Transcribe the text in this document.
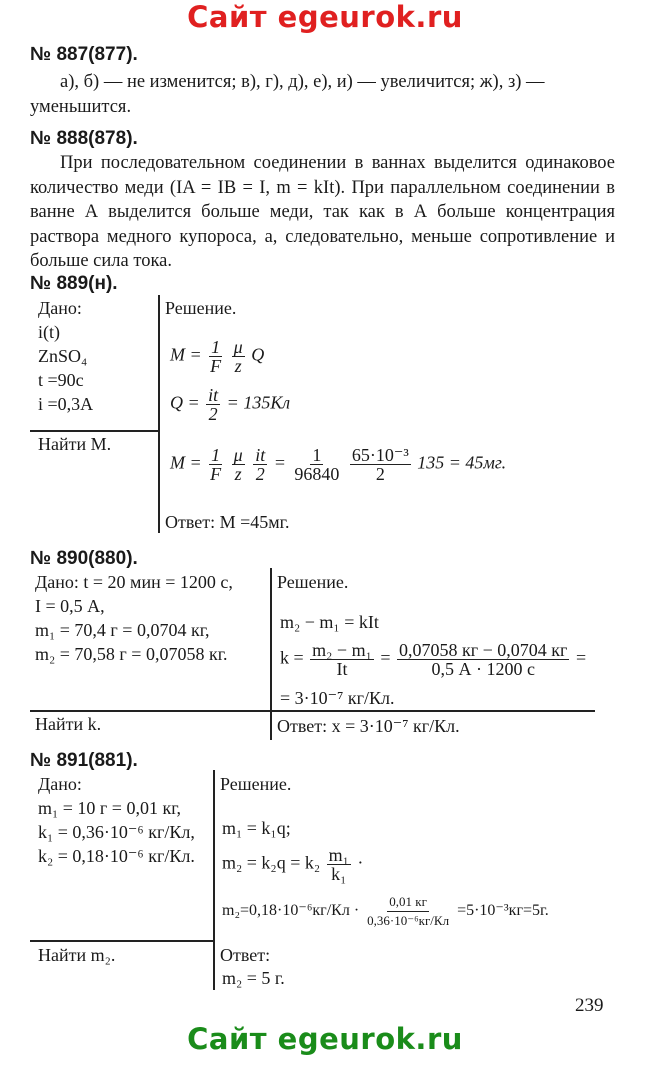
Сайт egeurok.ru
№ 887(877).
а), б) — не изменится; в), г), д), е), и) — увеличится; ж), з) — уменьшится.
№ 888(878).
При последовательном соединении в ваннах выделится одинаковое количество меди (IA = IB = I, m = kIt). При параллельном соединении в ванне А выделится больше меди, так как в А больше концентрация раствора медного купороса, а, следовательно, меньше сопротивление и больше сила тока.
№ 889(н).
Дано:
i(t)
ZnSO₄
t =90c
i =0,3A
Найти M.
Решение.
$M = \frac{1}{F}$
$\frac{\mu}{z}$ Q
$Q = \frac{it}{2} = 135Кл$
$M = \frac{1}{F}$
$\frac{\mu}{z}$
$\frac{it}{2} = \frac{1}{96840}$
$\frac{\text{65·10⁻³}}{2} 135 = 45мг$.
Ответ: M =45мг.
№ 890(880).
Дано: t = 20 мин = 1200 с,
I = 0,5 А,
m₁ = 70,4 г = 0,0704 кг,
m₂ = 70,58 г = 0,07058 кг.
Найти k.
Решение.
m₂ − m₁ = kIt
$k = \frac{\text{m₂ − m₁}}{It} = \frac{0,07058 кг - 0,0704 кг}{0,5 А \cdot 1200 с}$ =
= 3·10⁻⁷ кг/Кл.
Ответ: x = 3·10⁻⁷ кг/Кл.
№ 891(881).
Дано:
m₁ = 10 г = 0,01 кг,
k₁ = 0,36·10⁻⁶ кг/Кл,
k₂ = 0,18·10⁻⁶ кг/Кл.
Найти m₂.
Решение.
m₁ = k₁q;
$m_2 = k_2q = k_2 \frac{\text{m₁}}{\text{k₁}}$ ·
$m_2=0,18\cdot 10^{-6}кг/Кл \cdot \frac{0,01 кг}{\text{0,36·10⁻⁶кг/Кл}} =5\cdot 10^{-3}кг=5г$.
Ответ:
m₂ = 5 г.
239
Сайт egeurok.ru
